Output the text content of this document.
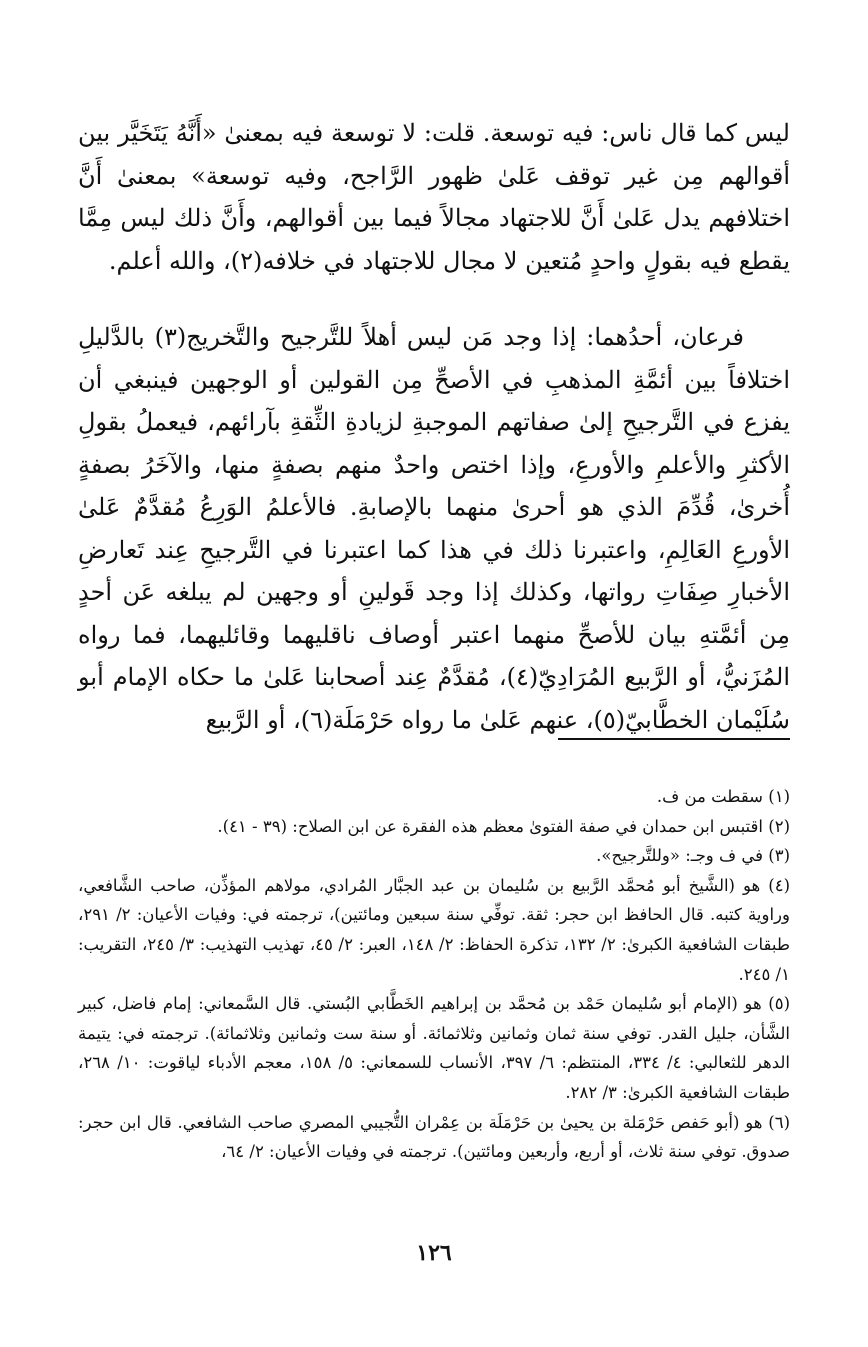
ليس كما قال ناس: فيه توسعة. قلت: لا توسعة فيه بمعنىٰ «أَنَّهُ يَتَخَيَّر بين أقوالهم مِن غير توقف عَلىٰ ظهور الرَّاجح، وفيه توسعة» بمعنىٰ أَنَّ اختلافهم يدل عَلىٰ أَنَّ للاجتهاد مجالاً فيما بين أقوالهم، وأَنَّ ذلك ليس مِمَّا يقطع فيه بقولٍ واحدٍ مُتعين لا مجال للاجتهاد في خلافه(٢)، والله أعلم.

فرعان، أحدُهما: إذا وجد مَن ليس أهلاً للتَّرجيح والتَّخريج(٣) بالدَّليلِ اختلافاً بين أئمَّةِ المذهبِ في الأصحِّ مِن القولين أو الوجهين فينبغي أن يفزع في التَّرجيحِ إلىٰ صفاتهم الموجبةِ لزيادةِ الثِّقةِ بآرائهم، فيعملُ بقولِ الأكثرِ والأعلمِ والأورعِ، وإذا اختص واحدٌ منهم بصفةٍ منها، والآخَرُ بصفةٍ أُخرىٰ، قُدِّمَ الذي هو أحرىٰ منهما بالإصابةِ. فالأعلمُ الوَرِعُ مُقدَّمٌ عَلىٰ الأورعِ العَالِمِ، واعتبرنا ذلك في هذا كما اعتبرنا في التَّرجيحِ عِند تَعارضِ الأخبارِ صِفَاتِ رواتها، وكذلك إذا وجد قَولينِ أو وجهين لم يبلغه عَن أحدٍ مِن أئمَّتهِ بيان للأصحِّ منهما اعتبر أوصاف ناقليهما وقائليهما، فما رواه المُزَنيُّ، أو الرَّبيع المُرَادِيّ(٤)، مُقدَّمٌ عِند أصحابنا عَلىٰ ما حكاه الإمام أبو سُلَيْمان الخطَّابيّ(٥)، عنهم عَلىٰ ما رواه حَرْمَلَة(٦)، أو الرَّبيع

(١) سقطت من ف.
(٢) اقتبس ابن حمدان في صفة الفتوىٰ معظم هذه الفقرة عن ابن الصلاح: (٣٩ - ٤١).
(٣) في ف وجـ: «وللتَّرجيح».
(٤) هو (الشَّيخ أبو مُحمَّد الرَّبيع بن سُليمان بن عبد الجبَّار المُرادي، مولاهم المؤذِّن، صاحب الشَّافعي، وراوية كتبه. قال الحافظ ابن حجر: ثقة. توفِّي سنة سبعين ومائتين)، ترجمته في: وفيات الأعيان: ٢/ ٢٩١، طبقات الشافعية الكبرىٰ: ٢/ ١٣٢، تذكرة الحفاظ: ٢/ ١٤٨، العبر: ٢/ ٤٥، تهذيب التهذيب: ٣/ ٢٤٥، التقريب: ١/ ٢٤٥.
(٥) هو (الإمام أبو سُليمان حَمْد بن مُحمَّد بن إبراهيم الخَطَّابي البُستي. قال السَّمعاني: إمام فاضل، كبير الشَّأن، جليل القدر. توفي سنة ثمان وثمانين وثلاثمائة. أو سنة ست وثمانين وثلاثمائة). ترجمته في: يتيمة الدهر للثعالبي: ٤/ ٣٣٤، المنتظم: ٦/ ٣٩٧، الأنساب للسمعاني: ٥/ ١٥٨، معجم الأدباء لياقوت: ١٠/ ٢٦٨، طبقات الشافعية الكبرىٰ: ٣/ ٢٨٢.
(٦) هو (أبو حَفص حَرْمَلة بن يحيىٰ بن حَرْمَلَة بن عِمْران التُّجيبي المصري صاحب الشافعي. قال ابن حجر: صدوق. توفي سنة ثلاث، أو أربع، وأربعين ومائتين). ترجمته في وفيات الأعيان: ٢/ ٦٤،
١٢٦
